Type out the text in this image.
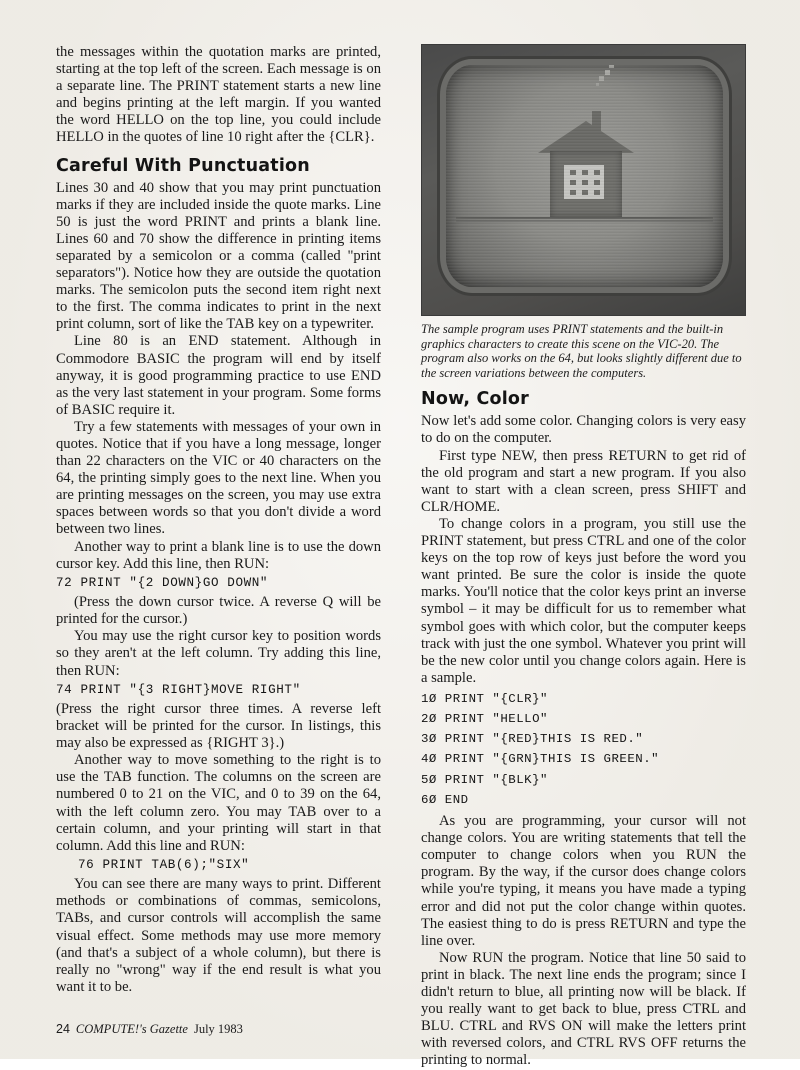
the messages within the quotation marks are printed, starting at the top left of the screen. Each message is on a separate line. The PRINT statement starts a new line and begins printing at the left margin. If you wanted the word HELLO on the top line, you could include HELLO in the quotes of line 10 right after the {CLR}.

Careful With Punctuation

Lines 30 and 40 show that you may print punctuation marks if they are included inside the quote marks. Line 50 is just the word PRINT and prints a blank line. Lines 60 and 70 show the difference in printing items separated by a semicolon or a comma (called "print separators"). Notice how they are outside the quotation marks. The semicolon puts the second item right next to the first. The comma indicates to print in the next print column, sort of like the TAB key on a typewriter.

Line 80 is an END statement. Although in Commodore BASIC the program will end by itself anyway, it is good programming practice to use END as the very last statement in your program. Some forms of BASIC require it.

Try a few statements with messages of your own in quotes. Notice that if you have a long message, longer than 22 characters on the VIC or 40 characters on the 64, the printing simply goes to the next line. When you are printing messages on the screen, you may use extra spaces between words so that you don't divide a word between two lines.

Another way to print a blank line is to use the down cursor key. Add this line, then RUN:

72 PRINT "{2 DOWN}GO DOWN"

(Press the down cursor twice. A reverse Q will be printed for the cursor.)

You may use the right cursor key to position words so they aren't at the left column. Try adding this line, then RUN:

74 PRINT "{3 RIGHT}MOVE RIGHT"

(Press the right cursor three times. A reverse left bracket will be printed for the cursor. In listings, this may also be expressed as {RIGHT 3}.)

Another way to move something to the right is to use the TAB function. The columns on the screen are numbered 0 to 21 on the VIC, and 0 to 39 on the 64, with the left column zero. You may TAB over to a certain column, and your printing will start in that column. Add this line and RUN:

76 PRINT TAB(6);"SIX"

You can see there are many ways to print. Different methods or combinations of commas, semicolons, TABs, and cursor controls will accomplish the same visual effect. Some methods may use more memory (and that's a subject of a whole column), but there is really no "wrong" way if the end result is what you want it to be.

The sample program uses PRINT statements and the built-in graphics characters to create this scene on the VIC-20. The program also works on the 64, but looks slightly different due to the screen variations between the computers.
Now, Color

Now let's add some color. Changing colors is very easy to do on the computer.

First type NEW, then press RETURN to get rid of the old program and start a new program. If you also want to start with a clean screen, press SHIFT and CLR/HOME.

To change colors in a program, you still use the PRINT statement, but press CTRL and one of the color keys on the top row of keys just before the word you want printed. Be sure the color is inside the quote marks. You'll notice that the color keys print an inverse symbol – it may be difficult for us to remember what symbol goes with which color, but the computer keeps track with just the one symbol. Whatever you print will be the new color until you change colors again. Here is a sample.

1Ø PRINT "{CLR}"
2Ø PRINT "HELLO"
3Ø PRINT "{RED}THIS IS RED."
4Ø PRINT "{GRN}THIS IS GREEN."
5Ø PRINT "{BLK}"
6Ø END

As you are programming, your cursor will not change colors. You are writing statements that tell the computer to change colors when you RUN the program. By the way, if the cursor does change colors while you're typing, it means you have made a typing error and did not put the color change within quotes. The easiest thing to do is press RETURN and type the line over.

Now RUN the program. Notice that line 50 said to print in black. The next line ends the program; since I didn't return to blue, all printing now will be black. If you really want to get back to blue, press CTRL and BLU. CTRL and RVS ON will make the letters print with reversed colors, and CTRL RVS OFF returns the printing to normal.

24 COMPUTE!'s Gazette July 1983
